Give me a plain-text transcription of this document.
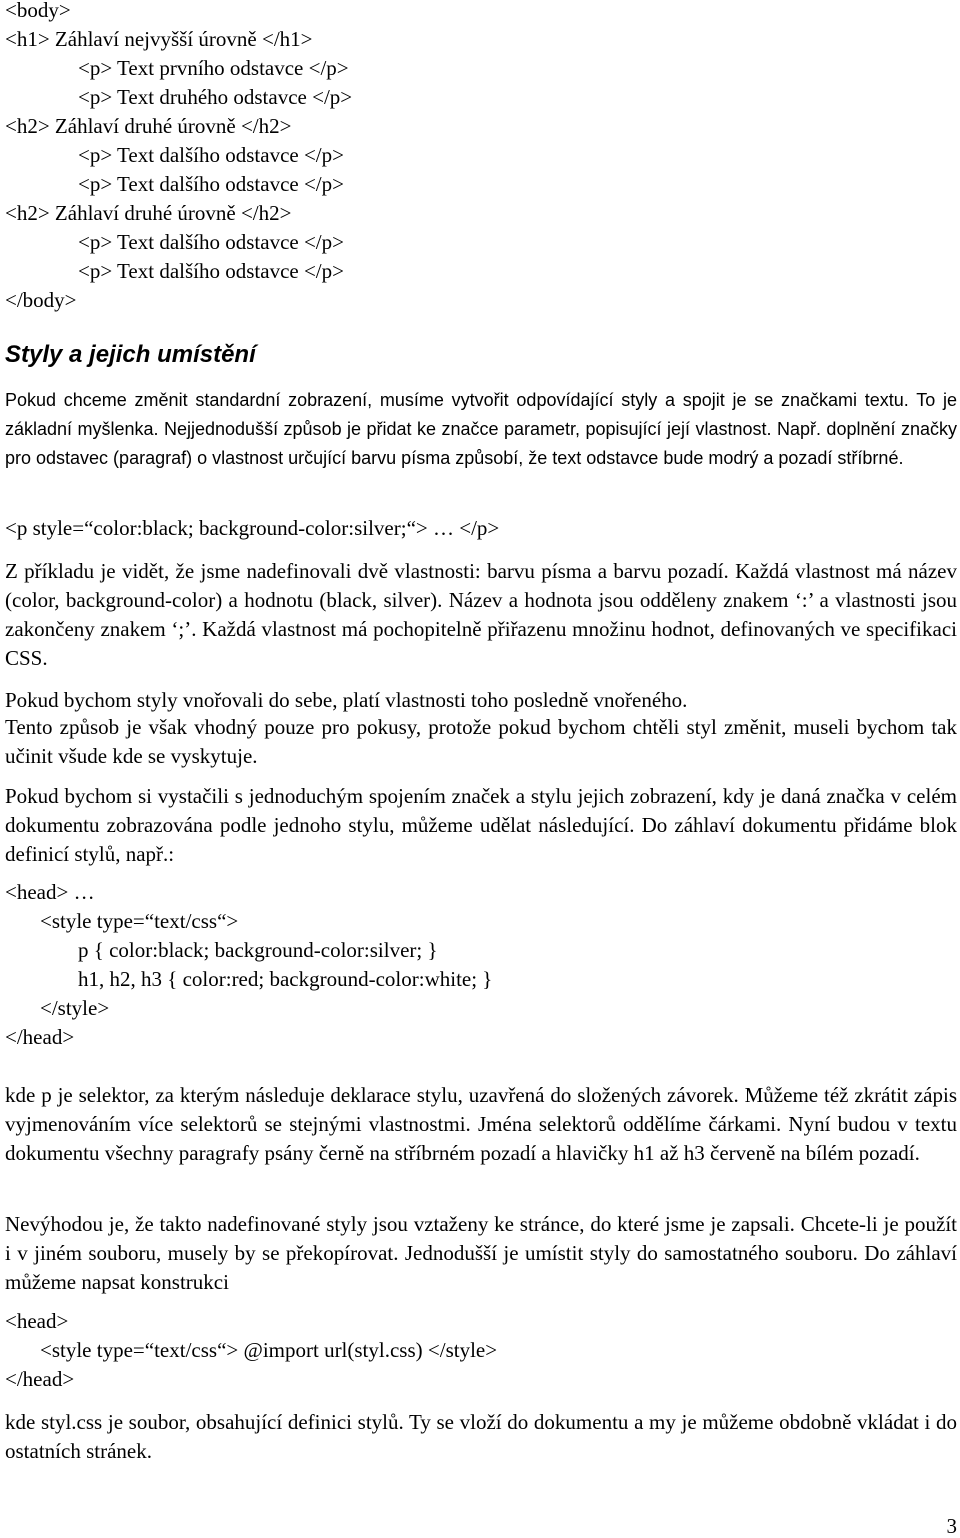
<body>
<h1> Záhlaví nejvyšší úrovně </h1>
<p> Text prvního odstavce </p>
<p> Text druhého odstavce </p>
<h2> Záhlaví druhé úrovně </h2>
<p> Text dalšího odstavce </p>
<p> Text dalšího odstavce </p>
<h2> Záhlaví druhé úrovně </h2>
<p> Text dalšího odstavce </p>
<p> Text dalšího odstavce </p>
</body>
Styly a jejich umístění
Pokud chceme změnit standardní zobrazení, musíme vytvořit odpovídající styly a spojit je se značkami textu. To je základní myšlenka. Nejjednodušší způsob je přidat ke značce parametr, popisující její vlastnost. Např. doplnění značky pro odstavec (paragraf) o vlastnost určující barvu písma způsobí, že text odstavce bude modrý a pozadí stříbrné.
<p style=“color:black; background-color:silver;“> … </p>
Z příkladu je vidět, že jsme nadefinovali dvě vlastnosti: barvu písma a barvu pozadí. Každá vlastnost má název (color, background-color) a hodnotu (black, silver). Název a hodnota jsou odděleny znakem ‘:’ a vlastnosti jsou zakončeny znakem ‘;’. Každá vlastnost má pochopitelně přiřazenu množinu hodnot, definovaných ve specifikaci CSS.
Pokud bychom styly vnořovali do sebe, platí vlastnosti toho posledně vnořeného.
Tento způsob je však vhodný pouze pro pokusy, protože pokud bychom chtěli styl změnit, museli bychom tak učinit všude kde se vyskytuje.
Pokud bychom si vystačili s jednoduchým spojením značek a stylu jejich zobrazení, kdy je daná značka v celém dokumentu zobrazována podle jednoho stylu, můžeme udělat následující. Do záhlaví dokumentu přidáme blok definicí stylů, např.:
<head> …
<style type=“text/css“>
p { color:black; background-color:silver; }
h1, h2, h3 { color:red; background-color:white; }
</style>
</head>
kde p je selektor, za kterým následuje deklarace stylu, uzavřená do složených závorek. Můžeme též zkrátit zápis vyjmenováním více selektorů se stejnými vlastnostmi. Jména selektorů oddělíme čárkami. Nyní budou v textu dokumentu všechny paragrafy psány černě na stříbrném pozadí a hlavičky h1 až h3 červeně na bílém pozadí.
Nevýhodou je, že takto nadefinované styly jsou vztaženy ke stránce, do které jsme je zapsali. Chcete-li je použít i v jiném souboru, musely by se překopírovat. Jednodušší je umístit styly do samostatného souboru. Do záhlaví můžeme napsat konstrukci
<head>
<style type=“text/css“> @import url(styl.css) </style>
</head>
kde styl.css je soubor, obsahující definici stylů. Ty se vloží do dokumentu a my je můžeme obdobně vkládat i do ostatních stránek.
3
